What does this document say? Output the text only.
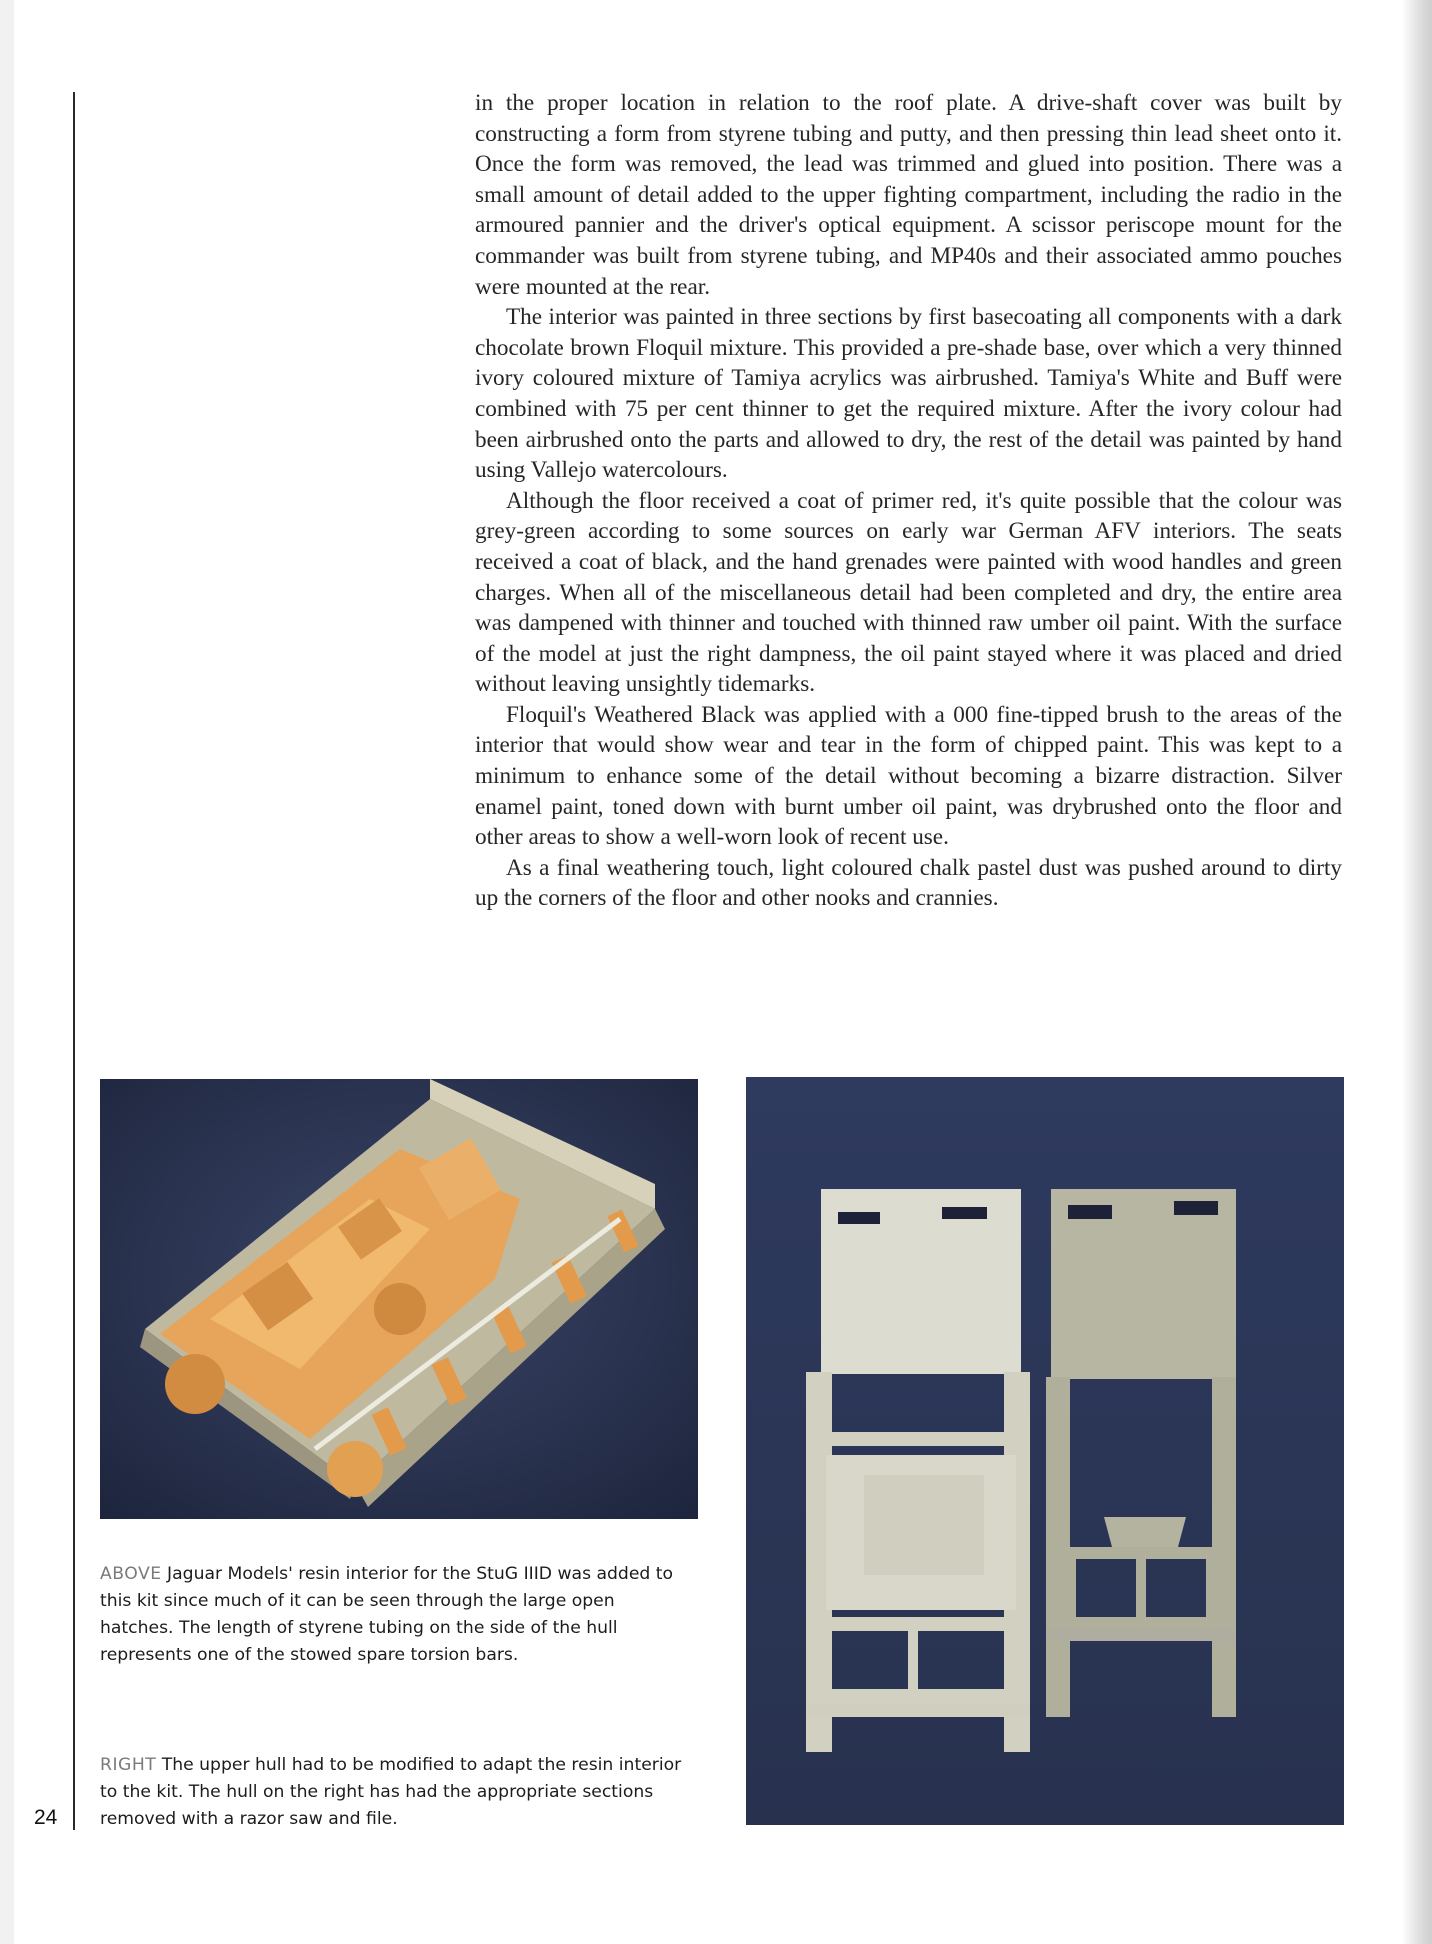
24

in the proper location in relation to the roof plate. A drive-shaft cover was built by constructing a form from styrene tubing and putty, and then pressing thin lead sheet onto it. Once the form was removed, the lead was trimmed and glued into position. There was a small amount of detail added to the upper fighting compartment, including the radio in the armoured pannier and the driver's optical equipment. A scissor periscope mount for the commander was built from styrene tubing, and MP40s and their associated ammo pouches were mounted at the rear.

The interior was painted in three sections by first basecoating all components with a dark chocolate brown Floquil mixture. This provided a pre-shade base, over which a very thinned ivory coloured mixture of Tamiya acrylics was airbrushed. Tamiya's White and Buff were combined with 75 per cent thinner to get the required mixture. After the ivory colour had been airbrushed onto the parts and allowed to dry, the rest of the detail was painted by hand using Vallejo watercolours.

Although the floor received a coat of primer red, it's quite possible that the colour was grey-green according to some sources on early war German AFV interiors. The seats received a coat of black, and the hand grenades were painted with wood handles and green charges. When all of the miscellaneous detail had been completed and dry, the entire area was dampened with thinner and touched with thinned raw umber oil paint. With the surface of the model at just the right dampness, the oil paint stayed where it was placed and dried without leaving unsightly tidemarks.

Floquil's Weathered Black was applied with a 000 fine-tipped brush to the areas of the interior that would show wear and tear in the form of chipped paint. This was kept to a minimum to enhance some of the detail without becoming a bizarre distraction. Silver enamel paint, toned down with burnt umber oil paint, was drybrushed onto the floor and other areas to show a well-worn look of recent use.

As a final weathering touch, light coloured chalk pastel dust was pushed around to dirty up the corners of the floor and other nooks and crannies.

ABOVE Jaguar Models' resin interior for the StuG IIID was added to this kit since much of it can be seen through the large open hatches. The length of styrene tubing on the side of the hull represents one of the stowed spare torsion bars.
RIGHT The upper hull had to be modified to adapt the resin interior to the kit. The hull on the right has had the appropriate sections removed with a razor saw and file.
